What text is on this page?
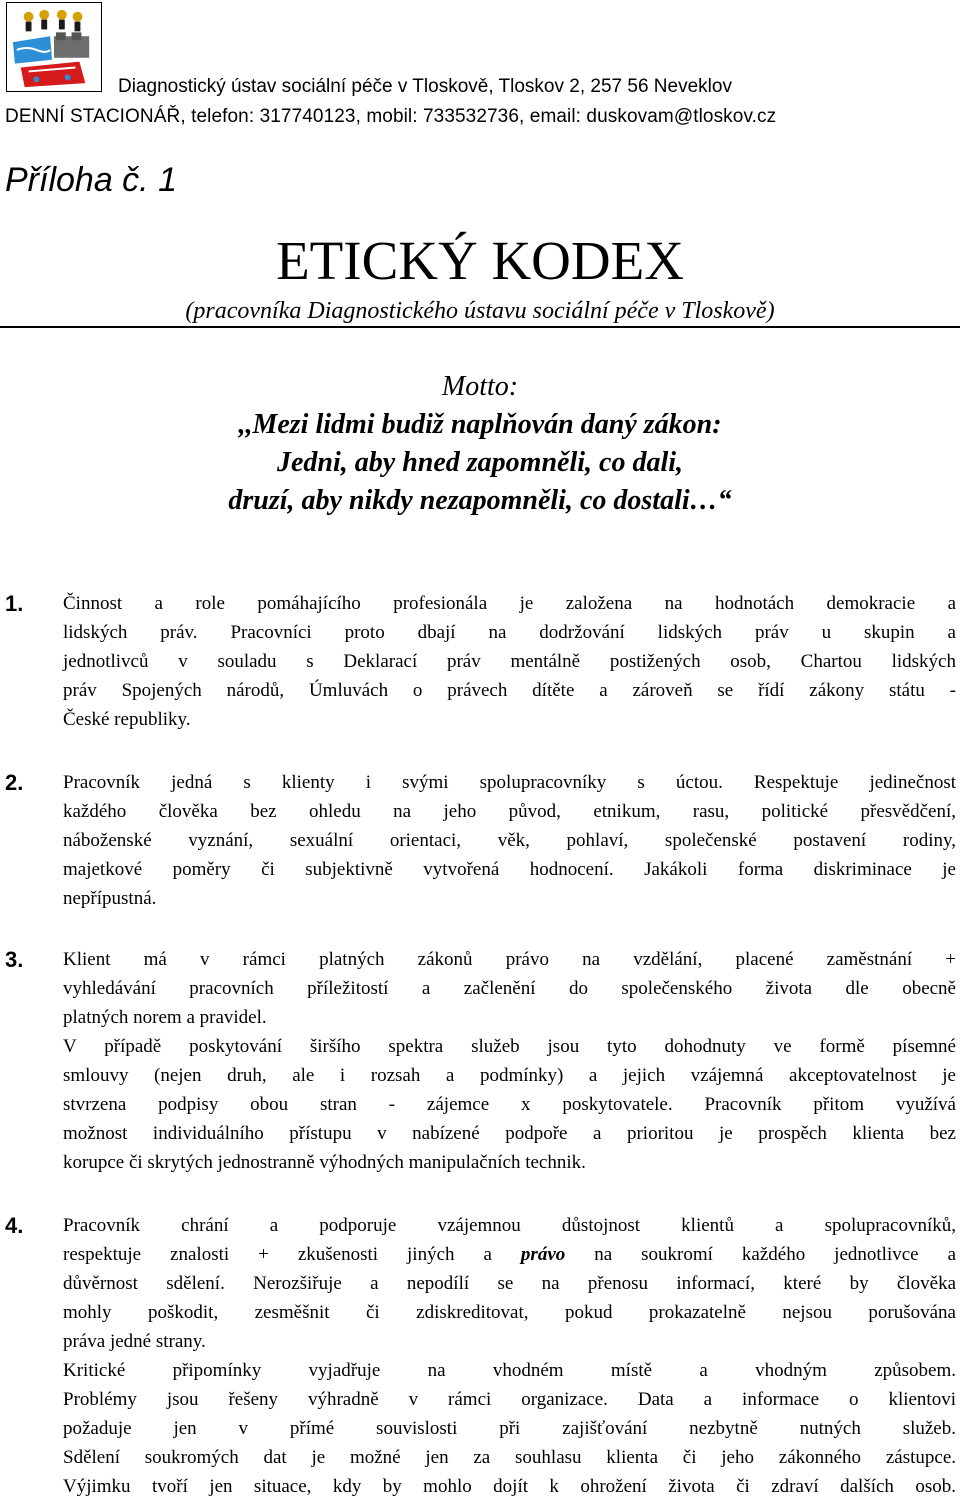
Diagnostický ústav sociální péče v Tloskově, Tloskov 2, 257 56 Neveklov
DENNÍ STACIONÁŘ, telefon: 317740123, mobil: 733532736, email: duskovam@tloskov.cz
Příloha č. 1
ETICKÝ KODEX
(pracovníka Diagnostického ústavu sociální péče v Tloskově)
Motto:
,,Mezi lidmi budiž naplňován daný zákon:
Jedni, aby hned zapomněli, co dali,
druzí, aby nikdy nezapomněli, co dostali…“
1. Činnost a role pomáhajícího profesionála je založena na hodnotách demokracie a
lidských práv. Pracovníci proto dbají na dodržování lidských práv u skupin a
jednotlivců v souladu s Deklarací práv mentálně postižených osob, Chartou lidských
práv Spojených národů, Úmluvách o právech dítěte a zároveň se řídí zákony státu -
České republiky.
2. Pracovník jedná s klienty i svými spolupracovníky s úctou. Respektuje jedinečnost
každého člověka bez ohledu na jeho původ, etnikum, rasu, politické přesvědčení,
náboženské vyznání, sexuální orientaci, věk, pohlaví, společenské postavení rodiny,
majetkové poměry či subjektivně vytvořená hodnocení. Jakákoli forma diskriminace je
nepřípustná.
3. Klient má v rámci platných zákonů právo na vzdělání, placené zaměstnání +
vyhledávání pracovních příležitostí a začlenění do společenského života dle obecně
platných norem a pravidel.
V případě poskytování širšího spektra služeb jsou tyto dohodnuty ve formě písemné
smlouvy (nejen druh, ale i rozsah a podmínky) a jejich vzájemná akceptovatelnost je
stvrzena podpisy obou stran - zájemce x poskytovatele. Pracovník přitom využívá
možnost individuálního přístupu v nabízené podpoře a prioritou je prospěch klienta bez
korupce či skrytých jednostranně výhodných manipulačních technik.
4. Pracovník chrání a podporuje vzájemnou důstojnost klientů a spolupracovníků,
respektuje znalosti + zkušenosti jiných a právo na soukromí každého jednotlivce a
důvěrnost sdělení. Nerozšiřuje a nepodílí se na přenosu informací, které by člověka
mohly poškodit, zesměšnit či zdiskreditovat, pokud prokazatelně nejsou porušována
práva jedné strany.
Kritické připomínky vyjadřuje na vhodném místě a vhodným způsobem.
Problémy jsou řešeny výhradně v rámci organizace. Data a informace o klientovi
požaduje jen v přímé souvislosti při zajišťování nezbytně nutných služeb.
Sdělení soukromých dat je možné jen za souhlasu klienta či jeho zákonného zástupce.
Výjimku tvoří jen situace, kdy by mohlo dojít k ohrožení života či zdraví dalších osob.
